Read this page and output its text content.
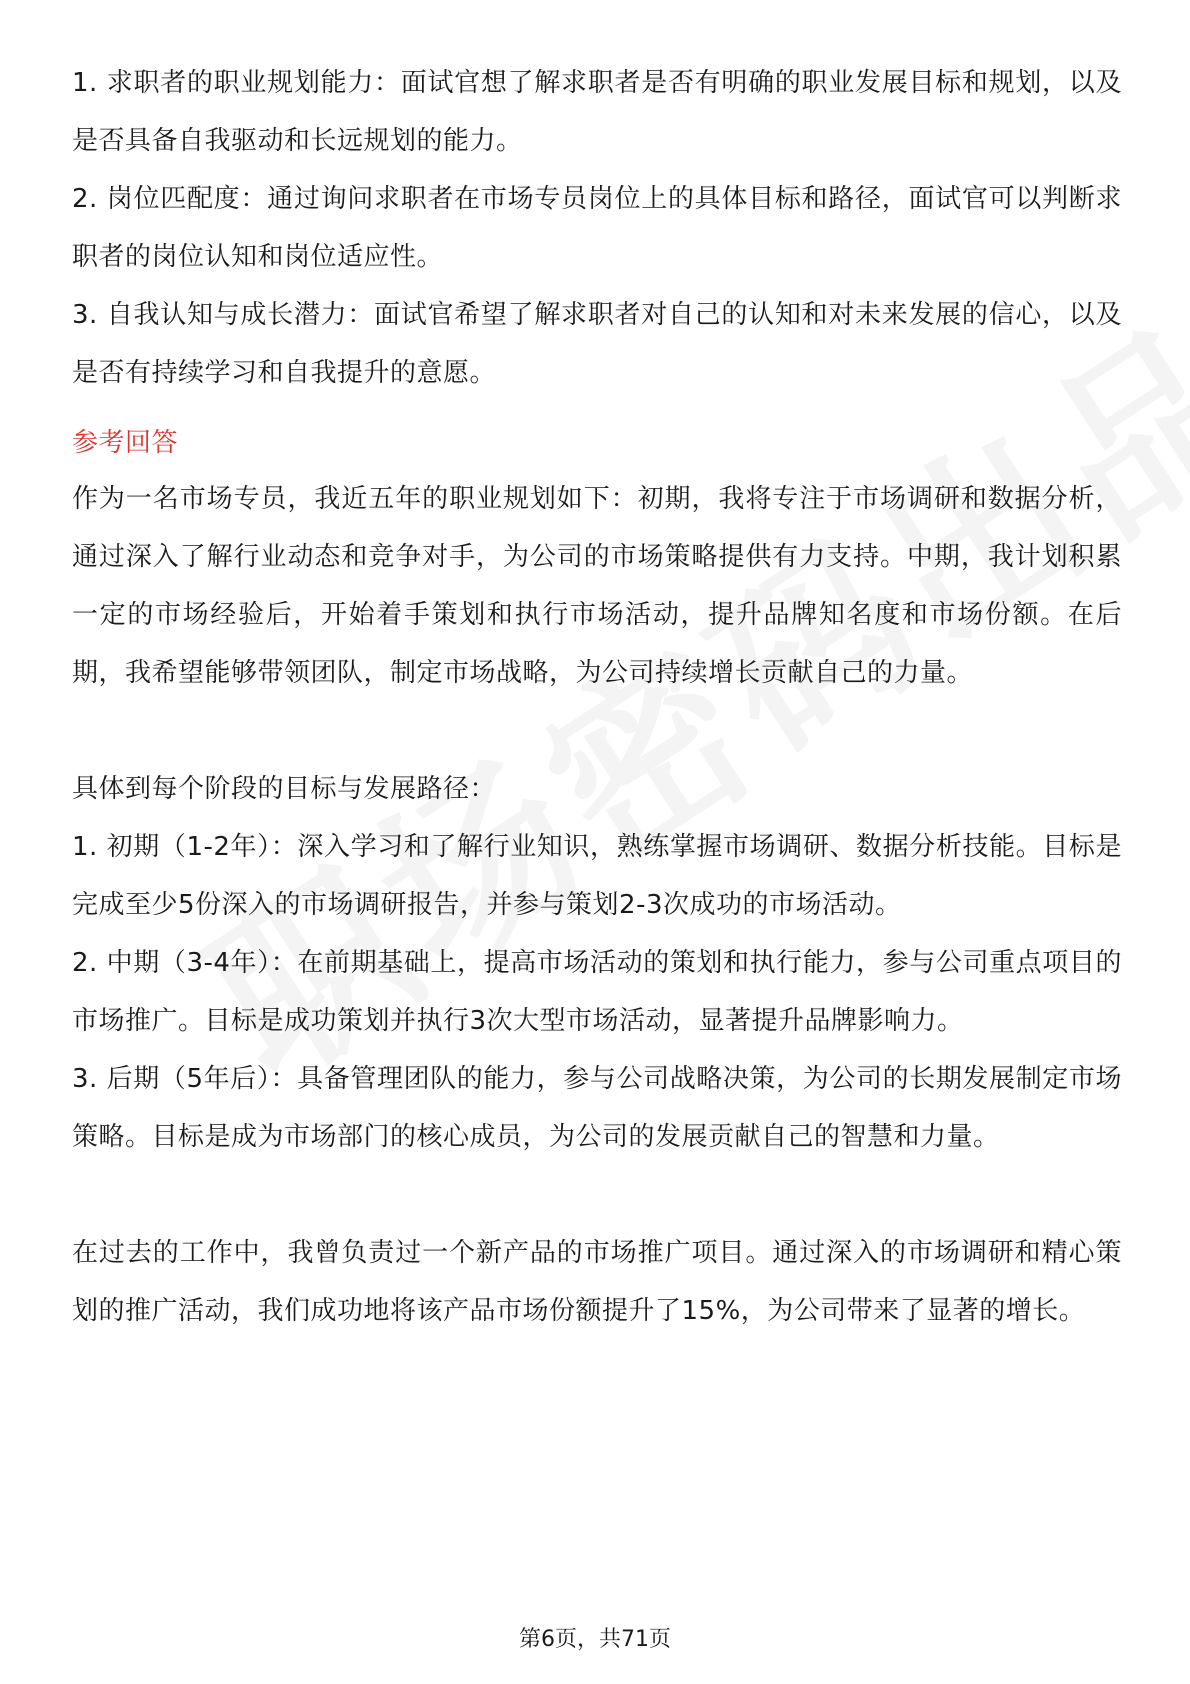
1. 求职者的职业规划能力：面试官想了解求职者是否有明确的职业发展目标和规划，以及是否具备自我驱动和长远规划的能力。

2. 岗位匹配度：通过询问求职者在市场专员岗位上的具体目标和路径，面试官可以判断求职者的岗位认知和岗位适应性。

3. 自我认知与成长潜力：面试官希望了解求职者对自己的认知和对未来发展的信心，以及是否有持续学习和自我提升的意愿。

参考回答

作为一名市场专员，我近五年的职业规划如下：初期，我将专注于市场调研和数据分析，通过深入了解行业动态和竞争对手，为公司的市场策略提供有力支持。中期，我计划积累一定的市场经验后，开始着手策划和执行市场活动，提升品牌知名度和市场份额。在后期，我希望能够带领团队，制定市场战略，为公司持续增长贡献自己的力量。

具体到每个阶段的目标与发展路径：

1. 初期（1-2年）：深入学习和了解行业知识，熟练掌握市场调研、数据分析技能。目标是完成至少5份深入的市场调研报告，并参与策划2-3次成功的市场活动。

2. 中期（3-4年）：在前期基础上，提高市场活动的策划和执行能力，参与公司重点项目的市场推广。目标是成功策划并执行3次大型市场活动，显著提升品牌影响力。

3. 后期（5年后）：具备管理团队的能力，参与公司战略决策，为公司的长期发展制定市场策略。目标是成为市场部门的核心成员，为公司的发展贡献自己的智慧和力量。

在过去的工作中，我曾负责过一个新产品的市场推广项目。通过深入的市场调研和精心策划的推广活动，我们成功地将该产品市场份额提升了15%，为公司带来了显著的增长。

第6页，共71页
